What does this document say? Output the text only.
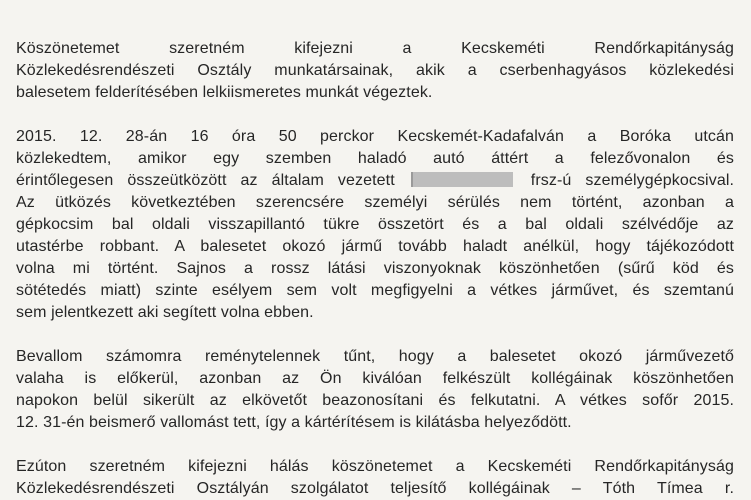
Köszönetemet szeretném kifejezni a Kecskeméti Rendőrkapitányság
Közlekedésrendészeti Osztály munkatársainak, akik a cserbenhagyásos közlekedési
balesetem felderítésében lelkiismeretes munkát végeztek.

2015. 12. 28-án 16 óra 50 perckor Kecskemét-Kadafalván a Boróka utcán
közlekedtem, amikor egy szemben haladó autó áttért a felezővonalon és
érintőlegesen összeütközött az általam vezetett	frsz-ú személygépkocsival.
Az ütközés következtében szerencsére személyi sérülés nem történt, azonban a
gépkocsim bal oldali visszapillantó tükre összetört és a bal oldali szélvédője az
utastérbe robbant. A balesetet okozó jármű tovább haladt anélkül, hogy tájékozódott
volna mi történt. Sajnos a rossz látási viszonyoknak köszönhetően (sűrű köd és
sötétedés miatt) szinte esélyem sem volt megfigyelni a vétkes járművet, és szemtanú
sem jelentkezett aki segített volna ebben.

Bevallom számomra reménytelennek tűnt, hogy a balesetet okozó járművezető
valaha is előkerül, azonban az Ön kiválóan felkészült kollégáinak köszönhetően
napokon belül sikerült az elkövetőt beazonosítani és felkutatni. A vétkes sofőr 2015.
12. 31-én beismerő vallomást tett, így a kártérítésem is kilátásba helyeződött.

Ezúton szeretném kifejezni hálás köszönetemet a Kecskeméti Rendőrkapitányság
Közlekedésrendészeti Osztályán szolgálatot teljesítő kollégáinak – Tóth Tímea r.
